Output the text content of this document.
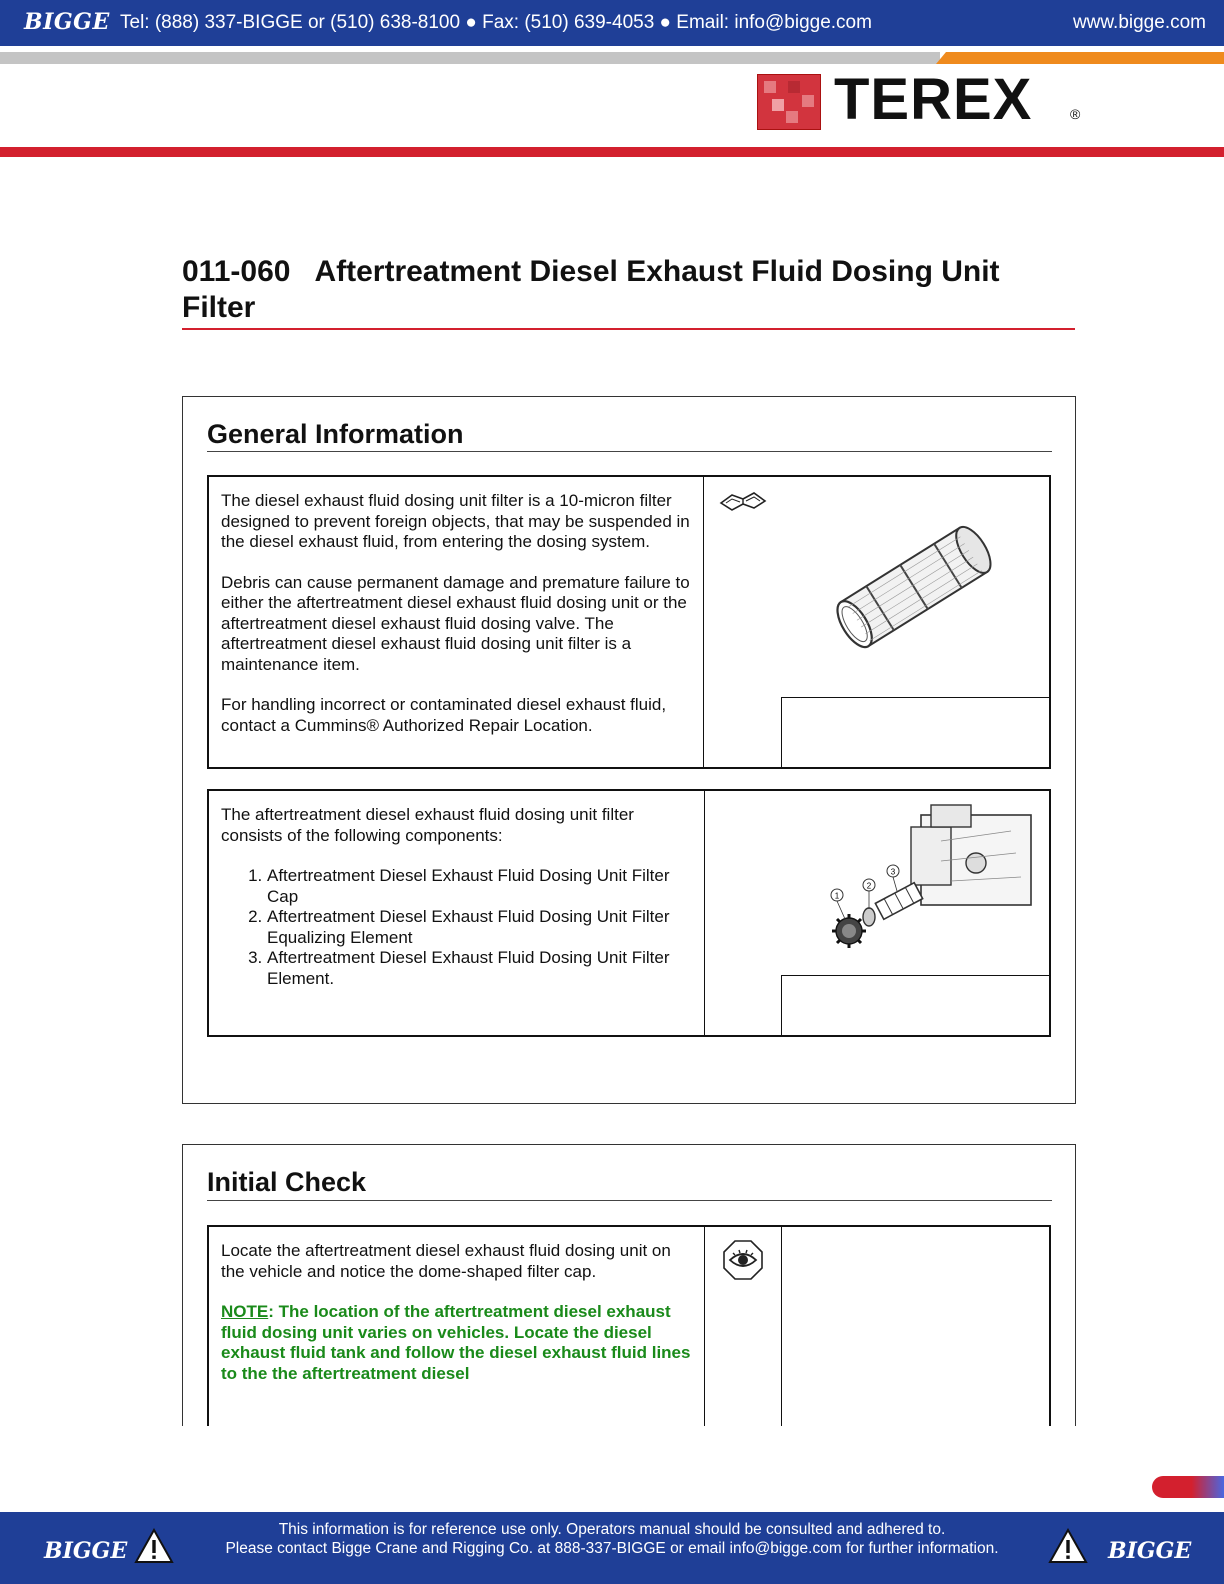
BIGGE Tel: (888) 337-BIGGE or (510) 638-8100 ● Fax: (510) 639-4053 ● Email: info@bigge.com	www.bigge.com
TEREX	®
011-060 Aftertreatment Diesel Exhaust Fluid Dosing Unit Filter
General Information

The diesel exhaust fluid dosing unit filter is a 10-micron filter designed to prevent foreign objects, that may be suspended in the diesel exhaust fluid, from entering the dosing system.

Debris can cause permanent damage and premature failure to either the aftertreatment diesel exhaust fluid dosing unit or the aftertreatment diesel exhaust fluid dosing valve. The aftertreatment diesel exhaust fluid dosing unit filter is a maintenance item.

For handling incorrect or contaminated diesel exhaust fluid, contact a Cummins® Authorized Repair Location.

The aftertreatment diesel exhaust fluid dosing unit filter consists of the following components:

1. Aftertreatment Diesel Exhaust Fluid Dosing Unit Filter Cap
2. Aftertreatment Diesel Exhaust Fluid Dosing Unit Filter Equalizing Element
3. Aftertreatment Diesel Exhaust Fluid Dosing Unit Filter Element.
1
2
3
Initial Check

Locate the aftertreatment diesel exhaust fluid dosing unit on the vehicle and notice the dome-shaped filter cap.

NOTE: The location of the aftertreatment diesel exhaust fluid dosing unit varies on vehicles. Locate the diesel exhaust fluid tank and follow the diesel exhaust fluid lines to the the aftertreatment diesel

BIGGE
This information is for reference use only. Operators manual should be consulted and adhered to.
Please contact Bigge Crane and Rigging Co. at 888-337-BIGGE or email info@bigge.com for further information.	BIGGE
